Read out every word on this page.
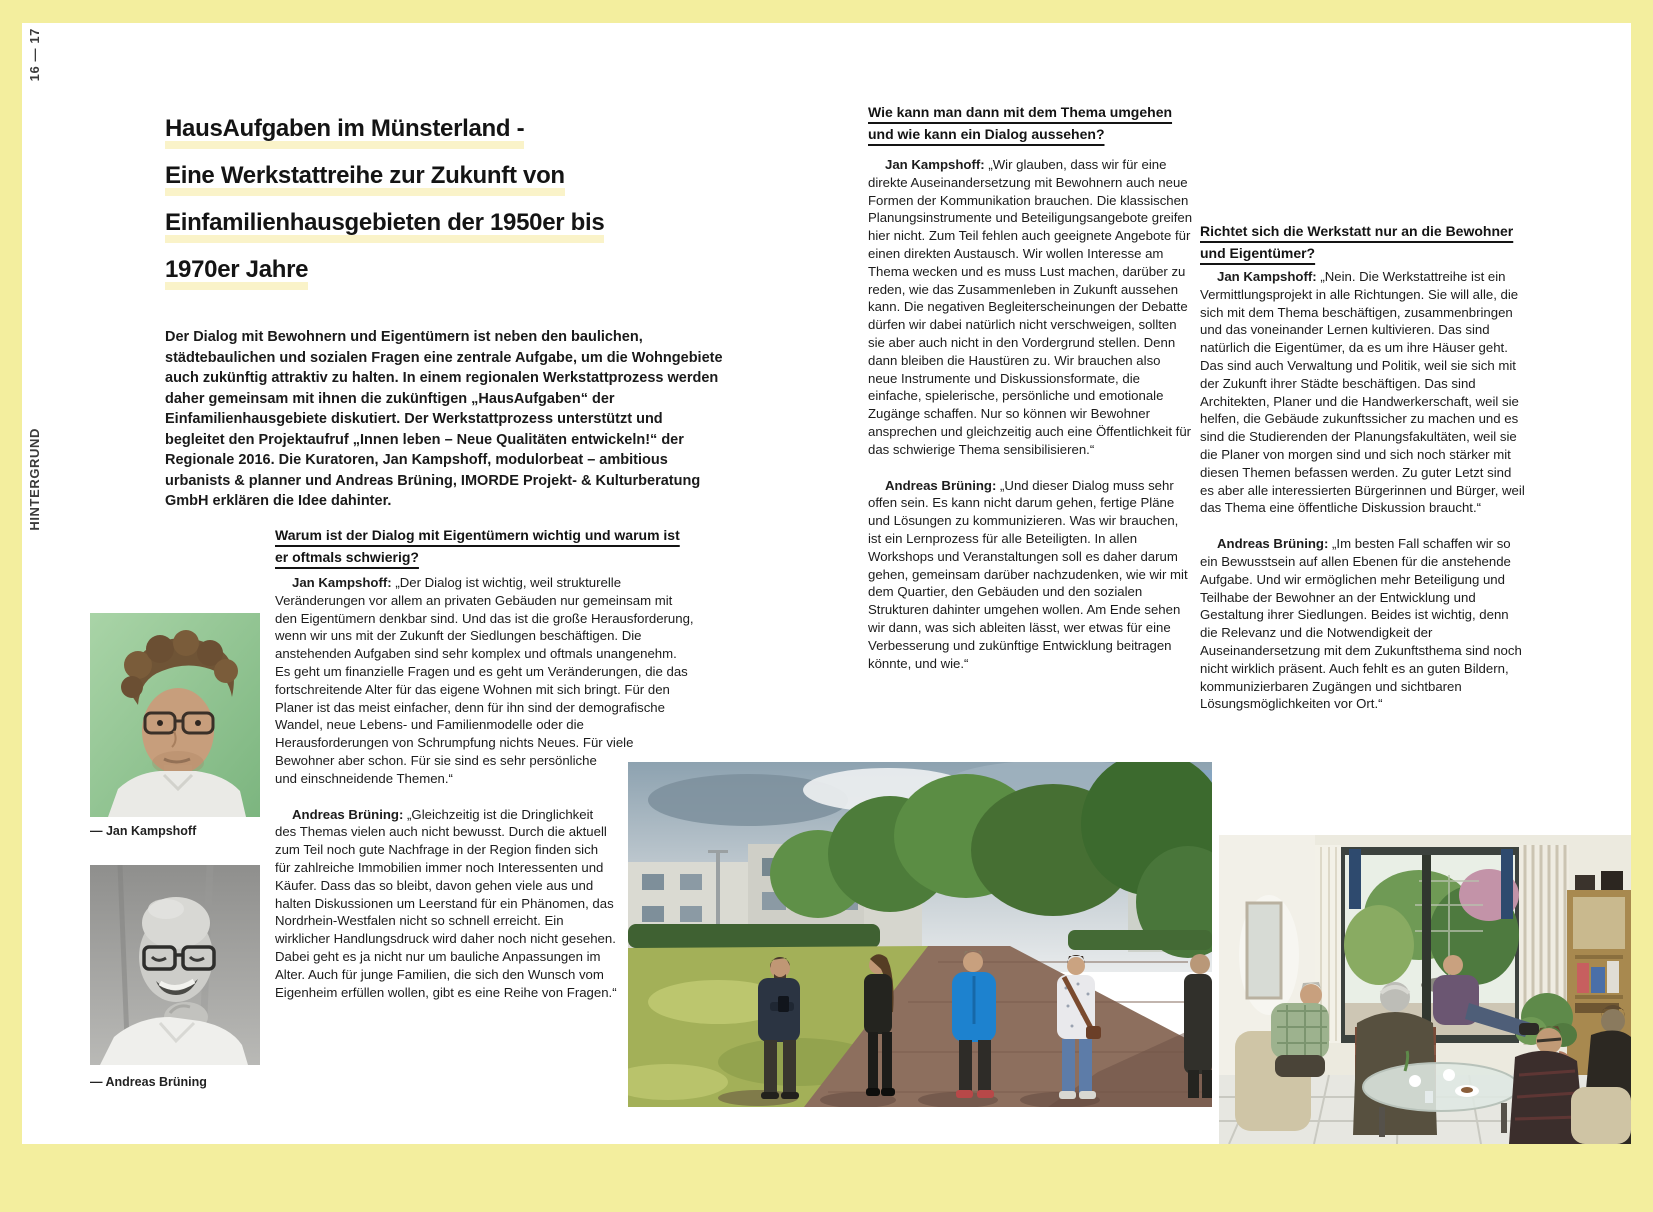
16 — 17
HINTERGRUND
HausAufgaben im Münsterland -
Eine Werkstattreihe zur Zukunft von
Einfamilienhausgebieten der 1950er bis
1970er Jahre
Der Dialog mit Bewohnern und Eigentümern ist neben den baulichen, städtebaulichen und sozialen Fragen eine zentrale Aufgabe, um die Wohngebiete auch zukünftig attraktiv zu halten. In einem regionalen Werkstattprozess werden daher gemeinsam mit ihnen die zukünftigen „HausAufgaben“ der Einfamilienhausgebiete diskutiert. Der Werkstattprozess unterstützt und begleitet den Projektaufruf „Innen leben – Neue Qualitäten entwickeln!“ der Regionale 2016. Die Kuratoren, Jan Kampshoff, modulorbeat – ambitious urbanists & planner und Andreas Brüning, IMORDE Projekt- & Kulturberatung GmbH erklären die Idee dahinter.
Warum ist der Dialog mit Eigentümern wichtig und warum ist er oftmals schwierig?

Jan Kampshoff: „Der Dialog ist wichtig, weil strukturelle Veränderungen vor allem an privaten Gebäuden nur gemeinsam mit den Eigentümern denkbar sind. Und das ist die große Herausforderung, wenn wir uns mit der Zukunft der Siedlungen beschäftigen. Die anstehenden Aufgaben sind sehr komplex und oftmals unangenehm. Es geht um finanzielle Fragen und es geht um Veränderungen, die das fortschreitende Alter für das eigene Wohnen mit sich bringt. Für den Planer ist das meist einfacher, denn für ihn sind der demografische Wandel, neue Lebens- und Familienmodelle oder die Herausforderungen von Schrumpfung nichts Neues. Für viele Bewohner aber schon. Für sie sind es sehr persönliche und einschneidende Themen.“

Andreas Brüning: „Gleichzeitig ist die Dringlichkeit des Themas vielen auch nicht bewusst. Durch die aktuell zum Teil noch gute Nachfrage in der Region finden sich für zahlreiche Immobilien immer noch Interessenten und Käufer. Dass das so bleibt, davon gehen viele aus und halten Diskussionen um Leerstand für ein Phänomen, das Nordrhein-Westfalen nicht so schnell erreicht. Ein wirklicher Handlungsdruck wird daher noch nicht gesehen. Dabei geht es ja nicht nur um bauliche Anpassungen im Alter. Auch für junge Familien, die sich den Wunsch vom Eigenheim erfüllen wollen, gibt es eine Reihe von Fragen.“

Wie kann man dann mit dem Thema umgehen und wie kann ein Dialog aussehen?

Jan Kampshoff: „Wir glauben, dass wir für eine direkte Auseinandersetzung mit Bewohnern auch neue Formen der Kommunikation brauchen. Die klassischen Planungsinstrumente und Beteiligungsangebote greifen hier nicht. Zum Teil fehlen auch geeignete Angebote für einen direkten Austausch. Wir wollen Interesse am Thema wecken und es muss Lust machen, darüber zu reden, wie das Zusammenleben in Zukunft aussehen kann. Die negativen Begleiterscheinungen der Debatte dürfen wir dabei natürlich nicht verschweigen, sollten sie aber auch nicht in den Vordergrund stellen. Denn dann bleiben die Haustüren zu. Wir brauchen also neue Instrumente und Diskussionsformate, die einfache, spielerische, persönliche und emotionale Zugänge schaffen. Nur so können wir Bewohner ansprechen und gleichzeitig auch eine Öffentlichkeit für das schwierige Thema sensibilisieren.“

Andreas Brüning: „Und dieser Dialog muss sehr offen sein. Es kann nicht darum gehen, fertige Pläne und Lösungen zu kommunizieren. Was wir brauchen, ist ein Lernprozess für alle Beteiligten. In allen Workshops und Veranstaltungen soll es daher darum gehen, gemeinsam darüber nachzudenken, wie wir mit dem Quartier, den Gebäuden und den sozialen Strukturen dahinter umgehen wollen. Am Ende sehen wir dann, was sich ableiten lässt, wer etwas für eine Verbesserung und zukünftige Entwicklung beitragen könnte, und wie.“

Richtet sich die Werkstatt nur an die Bewohner und Eigentümer?

Jan Kampshoff: „Nein. Die Werkstattreihe ist ein Vermittlungsprojekt in alle Richtungen. Sie will alle, die sich mit dem Thema beschäftigen, zusammenbringen und das voneinander Lernen kultivieren. Das sind natürlich die Eigentümer, da es um ihre Häuser geht. Das sind auch Verwaltung und Politik, weil sie sich mit der Zukunft ihrer Städte beschäftigen. Das sind Architekten, Planer und die Handwerkerschaft, weil sie helfen, die Gebäude zukunftssicher zu machen und es sind die Studierenden der Planungsfakultäten, weil sie die Planer von morgen sind und sich noch stärker mit diesen Themen befassen werden. Zu guter Letzt sind es aber alle interessierten Bürgerinnen und Bürger, weil das Thema eine öffentliche Diskussion braucht.“

Andreas Brüning: „Im besten Fall schaffen wir so ein Bewusstsein auf allen Ebenen für die anstehende Aufgabe. Und wir ermöglichen mehr Beteiligung und Teilhabe der Bewohner an der Entwicklung und Gestaltung ihrer Siedlungen. Beides ist wichtig, denn die Relevanz und die Notwendigkeit der Auseinandersetzung mit dem Zukunftsthema sind noch nicht wirklich präsent. Auch fehlt es an guten Bildern, kommunizierbaren Zugängen und sichtbaren Lösungsmöglichkeiten vor Ort.“

— Jan Kampshoff
— Andreas Brüning
